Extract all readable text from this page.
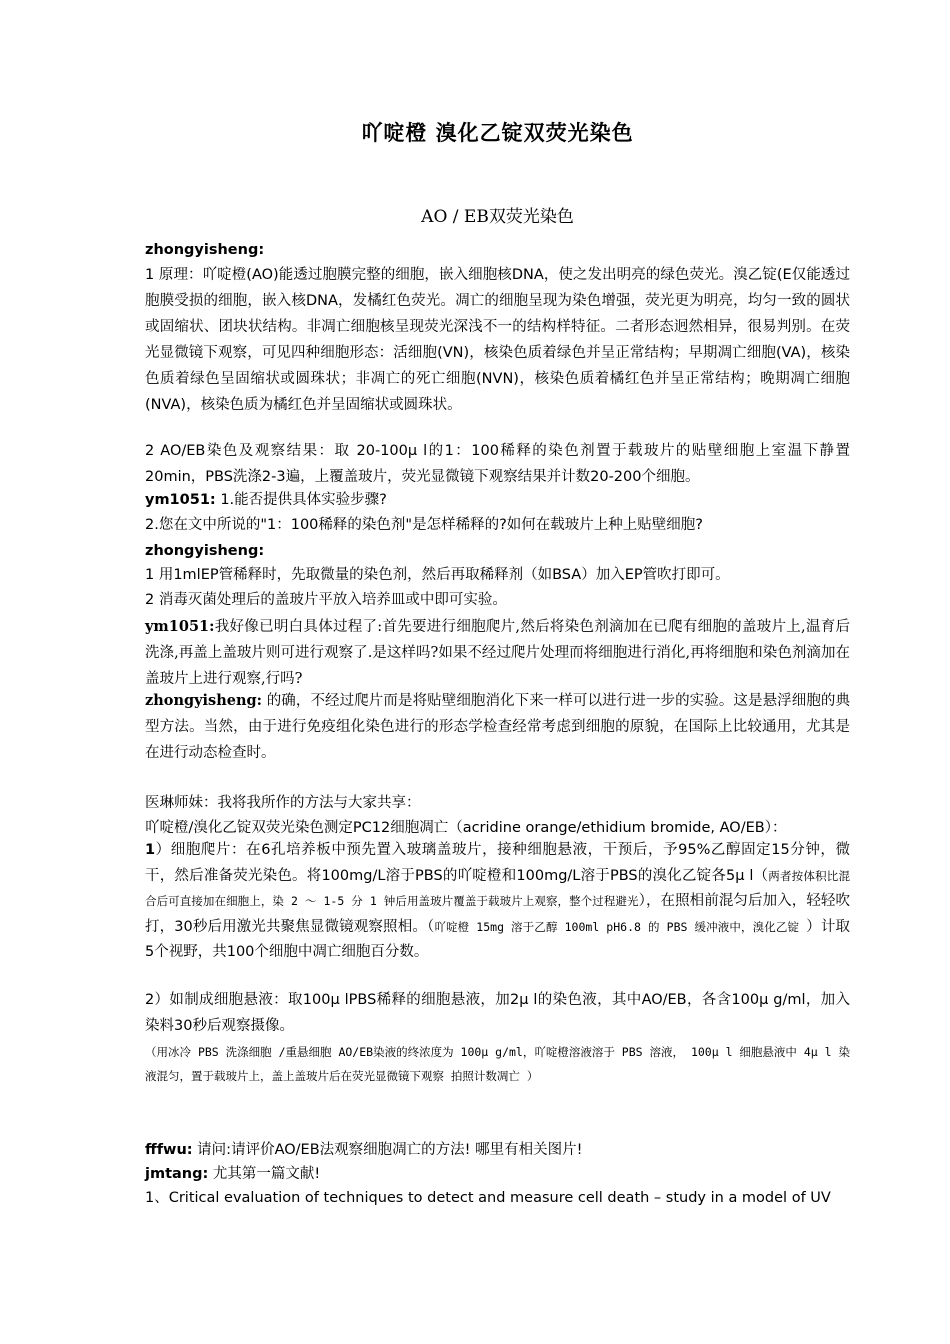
吖啶橙 溴化乙锭双荧光染色
AO / EB双荧光染色
zhongyisheng:
1 原理：吖啶橙(AO)能透过胞膜完整的细胞，嵌入细胞核DNA，使之发出明亮的绿色荧光。溴乙锭(E仅能透过胞膜受损的细胞，嵌入核DNA，发橘红色荧光。凋亡的细胞呈现为染色增强，荧光更为明亮，均匀一致的圆状或固缩状、团块状结构。非凋亡细胞核呈现荧光深浅不一的结构样特征。二者形态迥然相异，很易判别。在荧光显微镜下观察，可见四种细胞形态：活细胞(VN)，核染色质着绿色并呈正常结构；早期凋亡细胞(VA)，核染色质着绿色呈固缩状或圆珠状；非凋亡的死亡细胞(NVN)，核染色质着橘红色并呈正常结构；晚期凋亡细胞(NVA)，核染色质为橘红色并呈固缩状或圆珠状。
2 AO/EB染色及观察结果：取 20-100μ l的1：100稀释的染色剂置于载玻片的贴壁细胞上室温下静置20min，PBS洗涤2-3遍，上覆盖玻片，荧光显微镜下观察结果并计数20-200个细胞。
ym1051: 1.能否提供具体实验步骤?
2.您在文中所说的"1：100稀释的染色剂"是怎样稀释的?如何在载玻片上种上贴壁细胞?
zhongyisheng:
1 用1mlEP管稀释时，先取微量的染色剂，然后再取稀释剂（如BSA）加入EP管吹打即可。
2 消毒灭菌处理后的盖玻片平放入培养皿或中即可实验。
ym1051:我好像已明白具体过程了:首先要进行细胞爬片,然后将染色剂滴加在已爬有细胞的盖玻片上,温育后洗涤,再盖上盖玻片则可进行观察了.是这样吗?如果不经过爬片处理而将细胞进行消化,再将细胞和染色剂滴加在盖玻片上进行观察,行吗?
zhongyisheng: 的确，不经过爬片而是将贴壁细胞消化下来一样可以进行进一步的实验。这是悬浮细胞的典型方法。当然，由于进行免疫组化染色进行的形态学检查经常考虑到细胞的原貌，在国际上比较通用，尤其是在进行动态检查时。
医琳师妹：我将我所作的方法与大家共享：
吖啶橙/溴化乙锭双荧光染色测定PC12细胞凋亡（acridine orange/ethidium bromide, AO/EB）：
1）细胞爬片：在6孔培养板中预先置入玻璃盖玻片，接种细胞悬液，干预后，予95%乙醇固定15分钟，微干，然后准备荧光染色。将100mg/L溶于PBS的吖啶橙和100mg/L溶于PBS的溴化乙锭各5μ l（两者按体积比混合后可直接加在细胞上，染 2 ～ 1-5 分 1 钟后用盖玻片覆盖于载玻片上观察，整个过程避光），在照相前混匀后加入，轻轻吹打，30秒后用激光共聚焦显微镜观察照相。（吖啶橙 15mg 溶于乙醇 100ml pH6.8 的 PBS 缓冲液中，溴化乙锭 ）计取5个视野，共100个细胞中凋亡细胞百分数。
2）如制成细胞悬液：取100μ lPBS稀释的细胞悬液，加2μ l的染色液，其中AO/EB，各含100μ g/ml，加入染料30秒后观察摄像。
（用冰冷 PBS 洗涤细胞 /重悬细胞 AO/EB染液的终浓度为 100μ g/ml，吖啶橙溶液溶于 PBS 溶液， 100μ l 细胞悬液中 4μ l 染液混匀，置于载玻片上，盖上盖玻片后在荧光显微镜下观察 拍照计数凋亡 ）
fffwu: 请问:请评价AO/EB法观察细胞凋亡的方法! 哪里有相关图片!
jmtang: 尤其第一篇文献!
1、Critical evaluation of techniques to detect and measure cell death – study in a model of UV
